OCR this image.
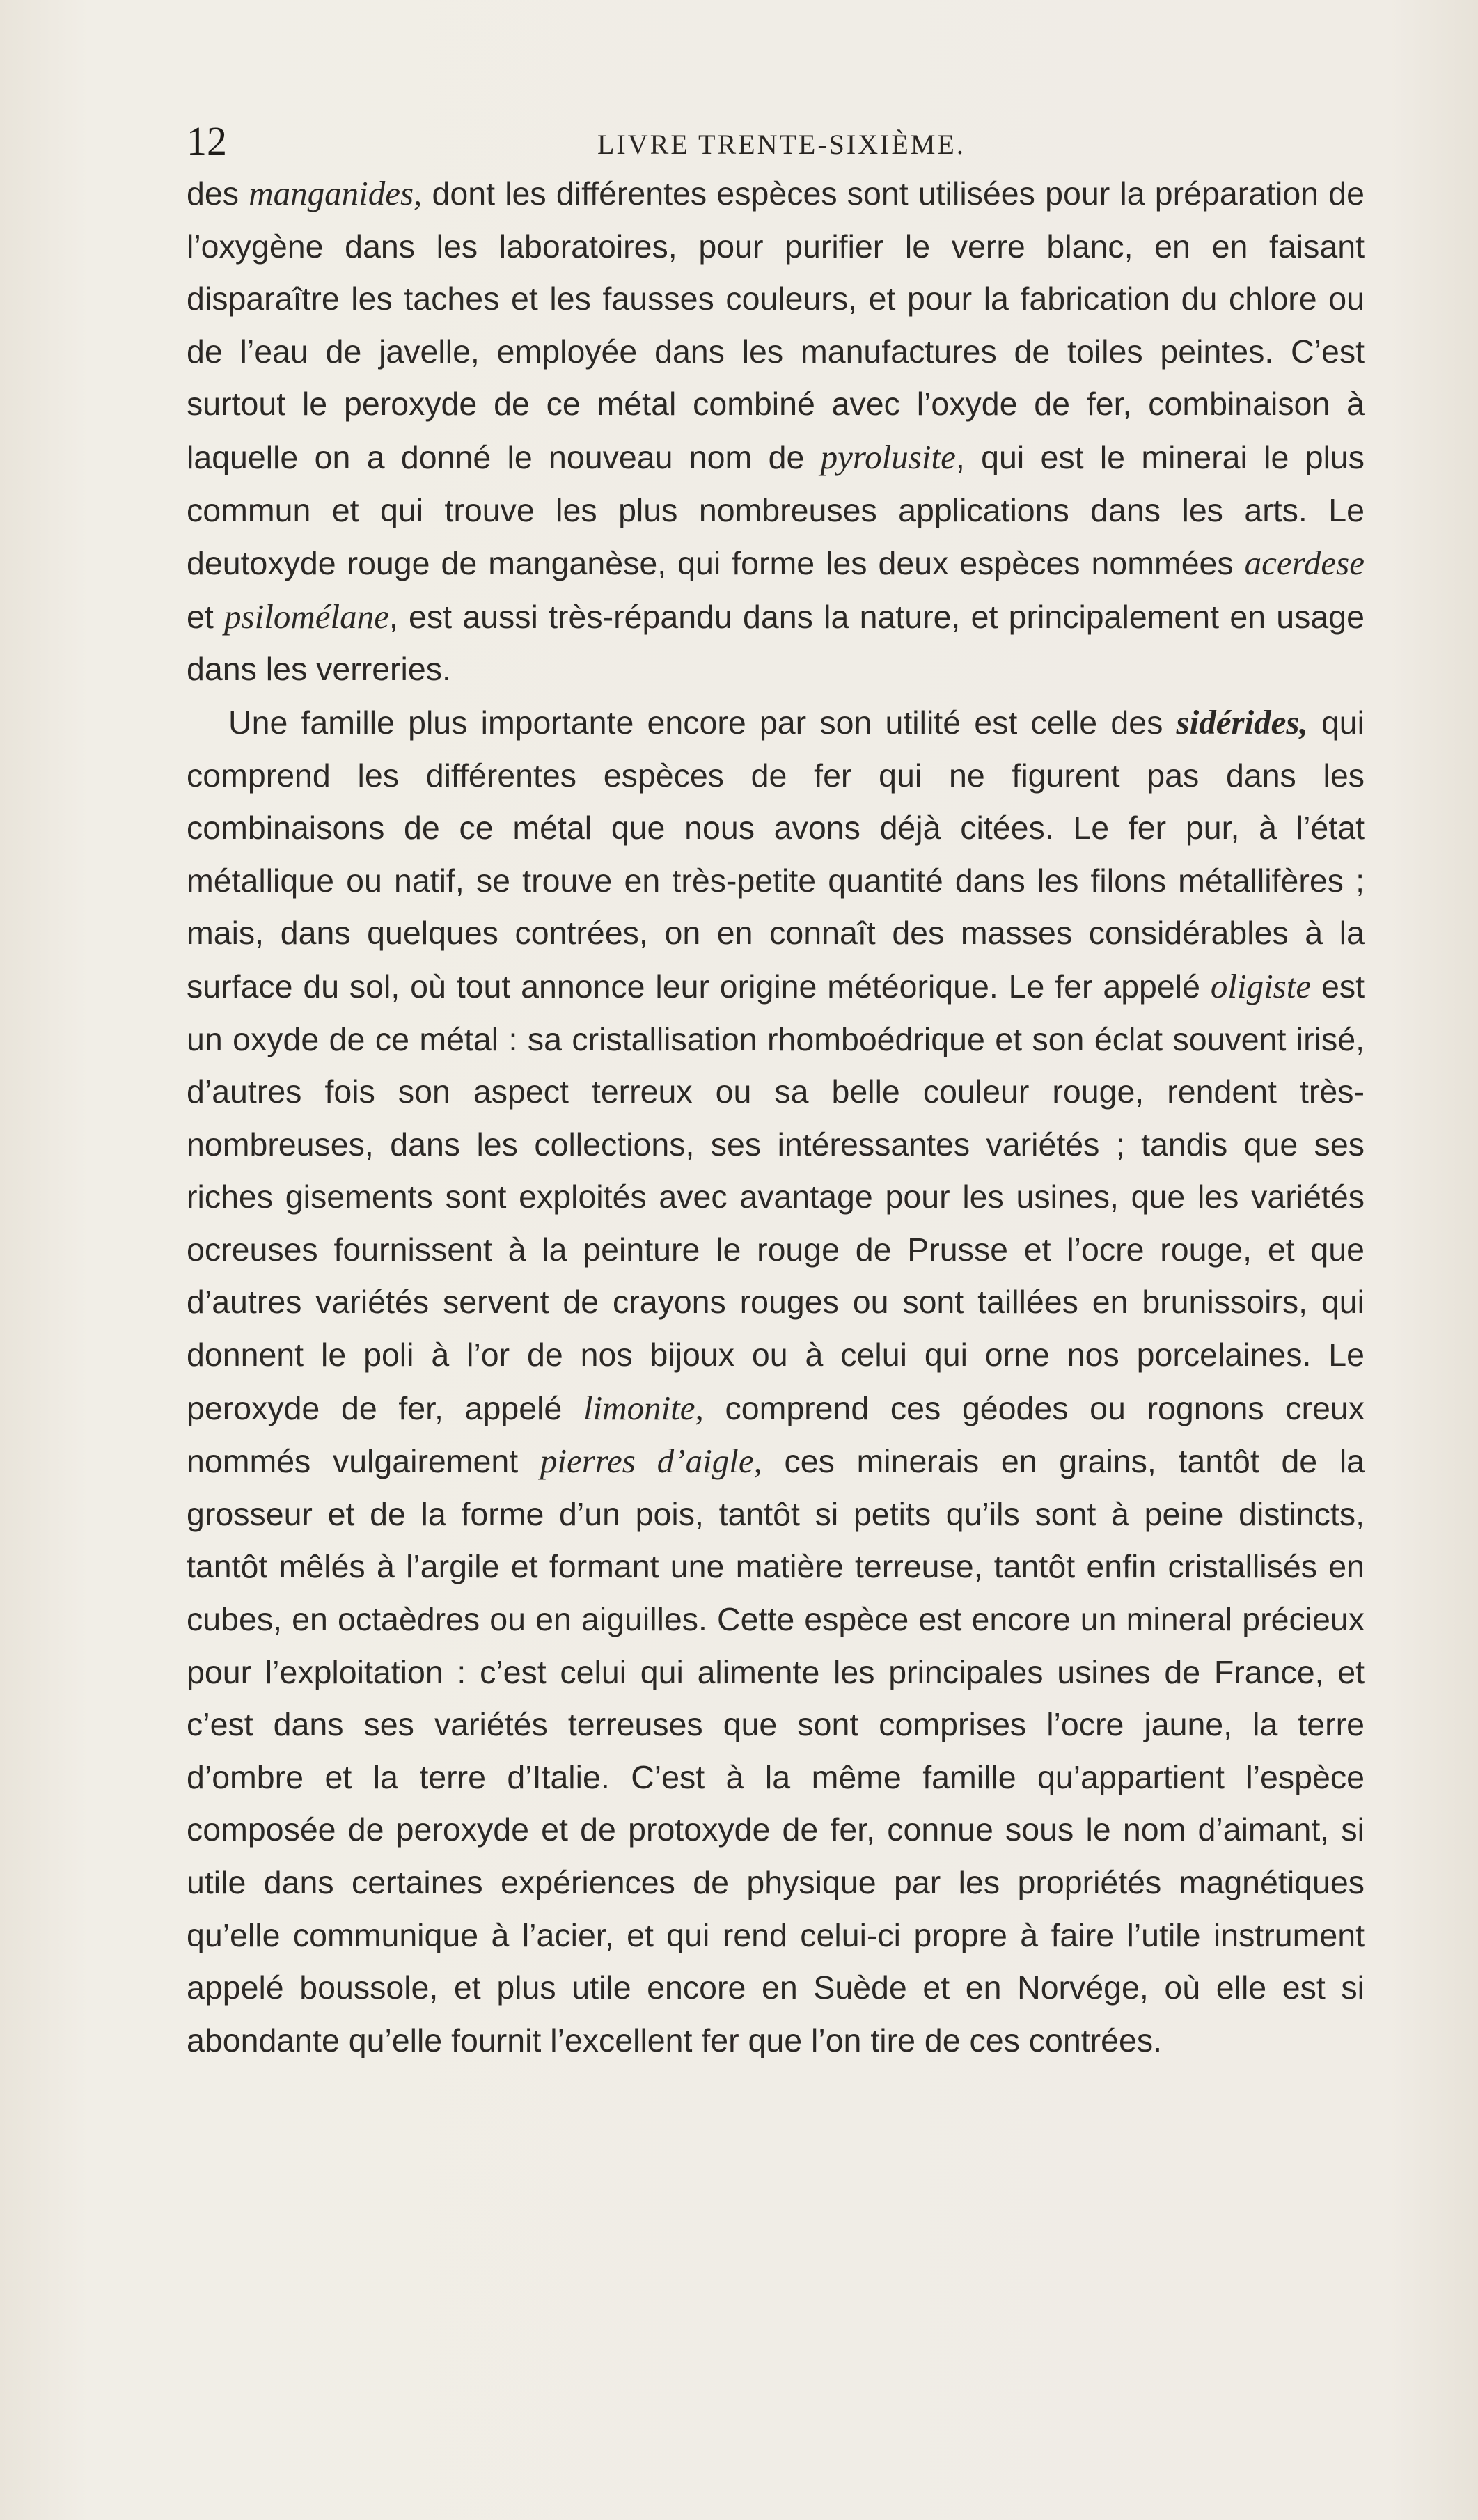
12	LIVRE TRENTE-SIXIÈME.

des manganides, dont les différentes espèces sont utilisées pour la préparation de l’oxygène dans les laboratoires, pour purifier le verre blanc, en en faisant disparaître les taches et les fausses couleurs, et pour la fabrication du chlore ou de l’eau de javelle, employée dans les manufactures de toiles peintes. C’est surtout le peroxyde de ce métal combiné avec l’oxyde de fer, combinaison à laquelle on a donné le nouveau nom de pyrolusite, qui est le minerai le plus commun et qui trouve les plus nombreuses applications dans les arts. Le deutoxyde rouge de manganèse, qui forme les deux espèces nommées acerdese et psilomélane, est aussi très-répandu dans la nature, et principalement en usage dans les verreries.

Une famille plus importante encore par son utilité est celle des sidérides, qui comprend les différentes espèces de fer qui ne figurent pas dans les combinaisons de ce métal que nous avons déjà citées. Le fer pur, à l’état métallique ou natif, se trouve en très-petite quantité dans les filons métallifères ; mais, dans quelques contrées, on en connaît des masses considérables à la surface du sol, où tout annonce leur origine météorique. Le fer appelé oligiste est un oxyde de ce métal : sa cristallisation rhomboédrique et son éclat souvent irisé, d’autres fois son aspect terreux ou sa belle couleur rouge, rendent très-nombreuses, dans les collections, ses intéressantes variétés ; tandis que ses riches gisements sont exploités avec avantage pour les usines, que les variétés ocreuses fournissent à la peinture le rouge de Prusse et l’ocre rouge, et que d’autres variétés servent de crayons rouges ou sont taillées en brunissoirs, qui donnent le poli à l’or de nos bijoux ou à celui qui orne nos porcelaines. Le peroxyde de fer, appelé limonite, comprend ces géodes ou rognons creux nommés vulgairement pierres d’aigle, ces minerais en grains, tantôt de la grosseur et de la forme d’un pois, tantôt si petits qu’ils sont à peine distincts, tantôt mêlés à l’argile et formant une matière terreuse, tantôt enfin cristallisés en cubes, en octaèdres ou en aiguilles. Cette espèce est encore un mineral précieux pour l’exploitation : c’est celui qui alimente les principales usines de France, et c’est dans ses variétés terreuses que sont comprises l’ocre jaune, la terre d’ombre et la terre d’Italie. C’est à la même famille qu’appartient l’espèce composée de peroxyde et de protoxyde de fer, connue sous le nom d’aimant, si utile dans certaines expériences de physique par les propriétés magnétiques qu’elle communique à l’acier, et qui rend celui-ci propre à faire l’utile instrument appelé boussole, et plus utile encore en Suède et en Norvége, où elle est si abondante qu’elle fournit l’excellent fer que l’on tire de ces contrées.
